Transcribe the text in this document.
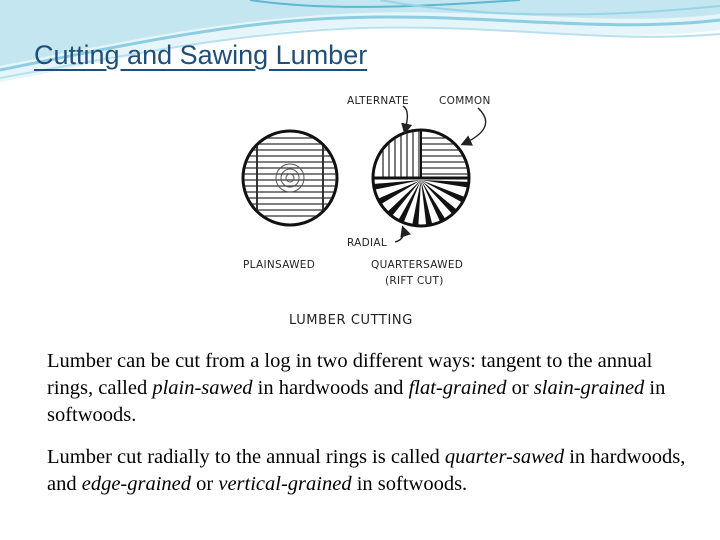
Cutting and Sawing Lumber
ALTERNATE	COMMON
RADIAL
PLAINSAWED	QUARTERSAWED
(RIFT CUT)
LUMBER CUTTING

Lumber can be cut from a log in two different ways: tangent to the annual rings, called plain-sawed in hardwoods and flat-grained or slain-grained in softwoods.

Lumber cut radially to the annual rings is called quarter-sawed in hardwoods, and edge-grained or vertical-grained in softwoods.
